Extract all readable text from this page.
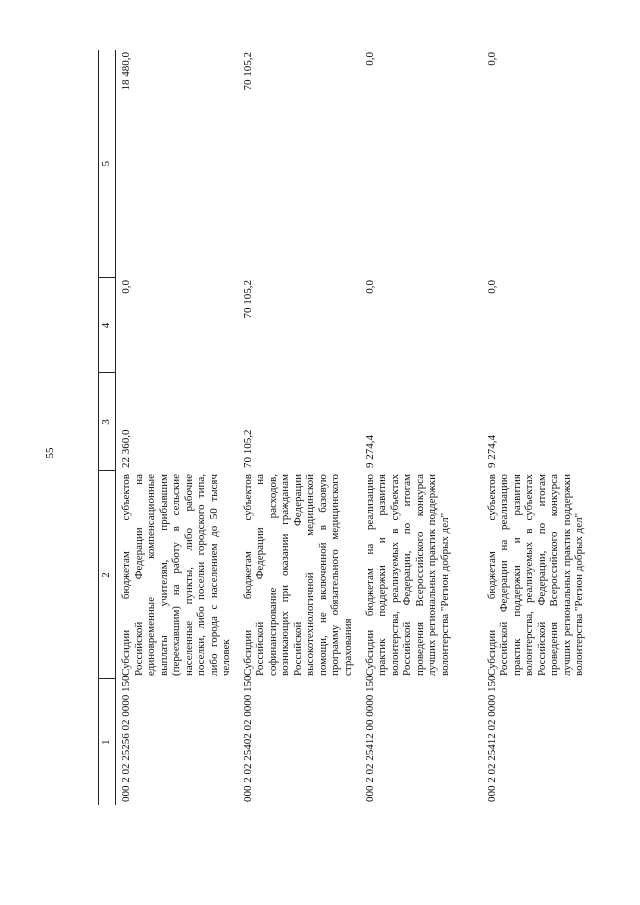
55
1	2	3	4	5
000 2 02 25256 02 0000 150	Субсидии бюджетам субъектов Российской Федерации на единовременные компенсационные выплаты учителям, прибывшим (переехавшим) на работу в сельские населенные пункты, либо рабочие поселки, либо поселки городского типа, либо города с населением до 50 тысяч человек	22 360,0	0,0	18 480,0
000 2 02 25402 02 0000 150	Субсидии бюджетам субъектов Российской Федерации на софинансирование расходов, возникающих при оказании гражданам Российской Федерации высокотехнологичной медицинской помощи, не включенной в базовую программу обязательного медицинского страхования	70 105,2	70 105,2	70 105,2
000 2 02 25412 00 0000 150	Субсидии бюджетам на реализацию практик поддержки и развития волонтерства, реализуемых в субъектах Российской Федерации, по итогам проведения Всероссийского конкурса лучших региональных практик поддержки волонтерства "Регион добрых дел"	9 274,4	0,0	0,0
000 2 02 25412 02 0000 150	Субсидии бюджетам субъектов Российской Федерации на реализацию практик поддержки и развития волонтерства, реализуемых в субъектах Российской Федерации, по итогам проведения Всероссийского конкурса лучших региональных практик поддержки волонтерства "Регион добрых дел"	9 274,4	0,0	0,0
